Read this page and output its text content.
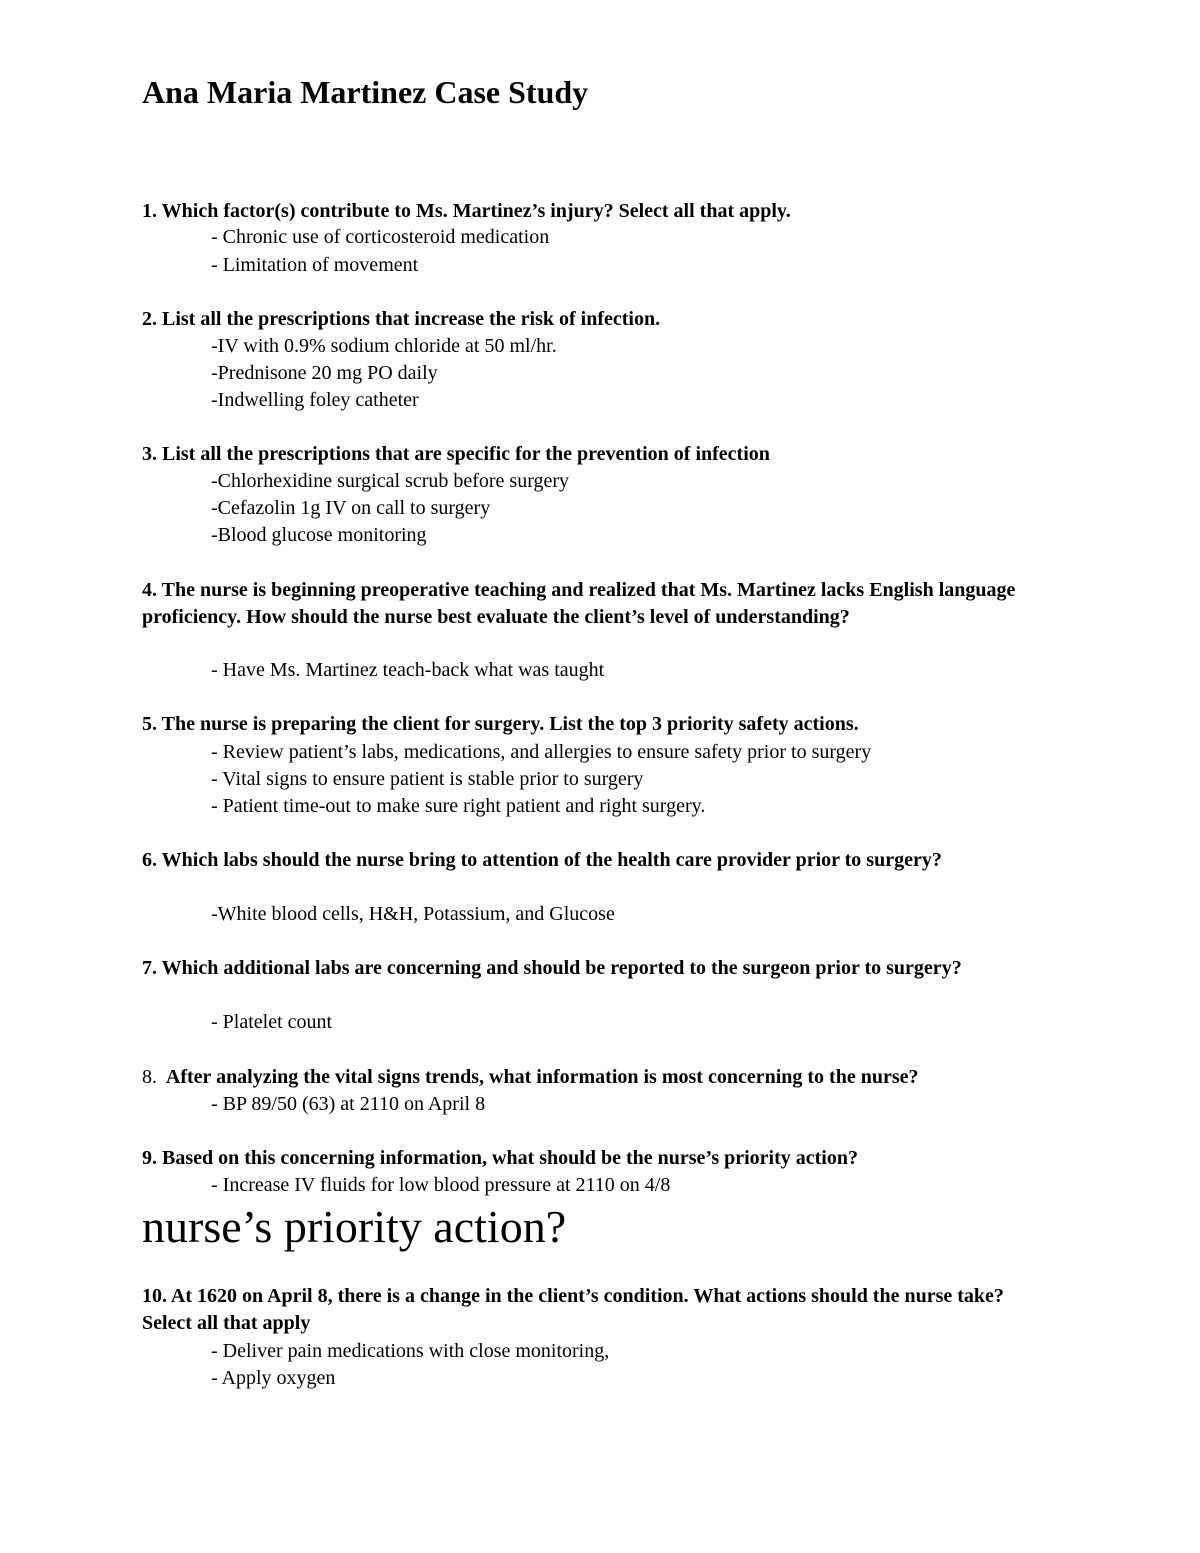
Ana Maria Martinez Case Study
1. Which factor(s) contribute to Ms. Martinez’s injury? Select all that apply.
- Chronic use of corticosteroid medication
- Limitation of movement
2. List all the prescriptions that increase the risk of infection.
-IV with 0.9% sodium chloride at 50 ml/hr.
-Prednisone 20 mg PO daily
-Indwelling foley catheter
3. List all the prescriptions that are specific for the prevention of infection
-Chlorhexidine surgical scrub before surgery
-Cefazolin 1g IV on call to surgery
-Blood glucose monitoring
4. The nurse is beginning preoperative teaching and realized that Ms. Martinez lacks English language proficiency. How should the nurse best evaluate the client’s level of understanding?
- Have Ms. Martinez teach-back what was taught
5. The nurse is preparing the client for surgery. List the top 3 priority safety actions.
- Review patient’s labs, medications, and allergies to ensure safety prior to surgery
- Vital signs to ensure patient is stable prior to surgery
- Patient time-out to make sure right patient and right surgery.
6. Which labs should the nurse bring to attention of the health care provider prior to surgery?
-White blood cells, H&H, Potassium, and Glucose
7. Which additional labs are concerning and should be reported to the surgeon prior to surgery?
- Platelet count
8. After analyzing the vital signs trends, what information is most concerning to the nurse?
- BP 89/50 (63) at 2110 on April 8
9. Based on this concerning information, what should be the nurse’s priority action?
- Increase IV fluids for low blood pressure at 2110 on 4/8
nurse’s priority action?
10. At 1620 on April 8, there is a change in the client’s condition. What actions should the nurse take? Select all that apply
- Deliver pain medications with close monitoring,
- Apply oxygen
